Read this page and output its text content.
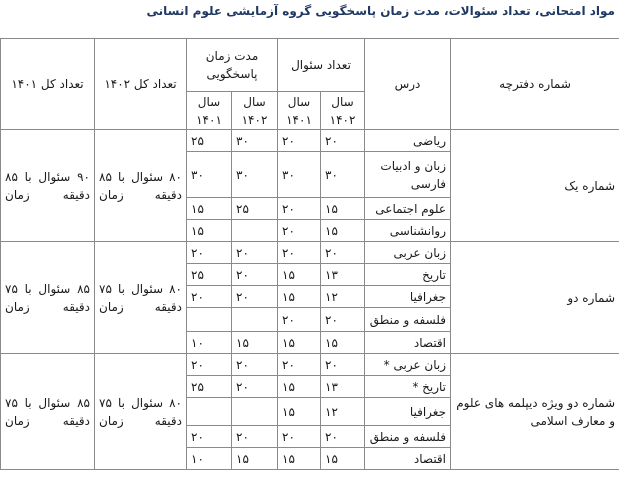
مواد امتحانی، تعداد سئوالات، مدت زمان پاسخگویی گروه آزمایشی علوم انسانی
شماره دفترچه	درس	تعداد سئوال		مدت زمان پاسخگویی		تعداد کل ۱۴۰۲	تعداد کل ۱۴۰۱
		سال ۱۴۰۲	سال ۱۴۰۱	سال ۱۴۰۲	سال ۱۴۰۱		
شماره یک	ریاضی	۲۰	۲۰	۳۰	۲۵	۸۰ سئوال با ۸۵ دقیقه زمان	۹۰ سئوال با ۸۵ دقیقه زمان
	زبان و ادبیات فارسی	۳۰	۳۰	۳۰	۳۰		
	علوم اجتماعی	۱۵	۲۰	۲۵	۱۵		
	روانشناسی	۱۵	۲۰		۱۵		
شماره دو	زبان عربی	۲۰	۲۰	۲۰	۲۰	۸۰ سئوال با ۷۵ دقیقه زمان	۸۵ سئوال با ۷۵ دقیقه زمان
	تاریخ	۱۳	۱۵	۲۰	۲۵		
	جغرافیا	۱۲	۱۵	۲۰	۲۰		
	فلسفه و منطق	۲۰	۲۰				
	اقتصاد	۱۵	۱۵	۱۵	۱۰		
شماره دو ویژه دیپلمه های علوم و معارف اسلامی	زبان عربی *	۲۰	۲۰	۲۰	۲۰	۸۰ سئوال با ۷۵ دقیقه زمان	۸۵ سئوال با ۷۵ دقیقه زمان
	تاریخ *	۱۳	۱۵	۲۰	۲۵		
	جغرافیا	۱۲	۱۵				
	فلسفه و منطق	۲۰	۲۰	۲۰	۲۰		
	اقتصاد	۱۵	۱۵	۱۵	۱۰		
